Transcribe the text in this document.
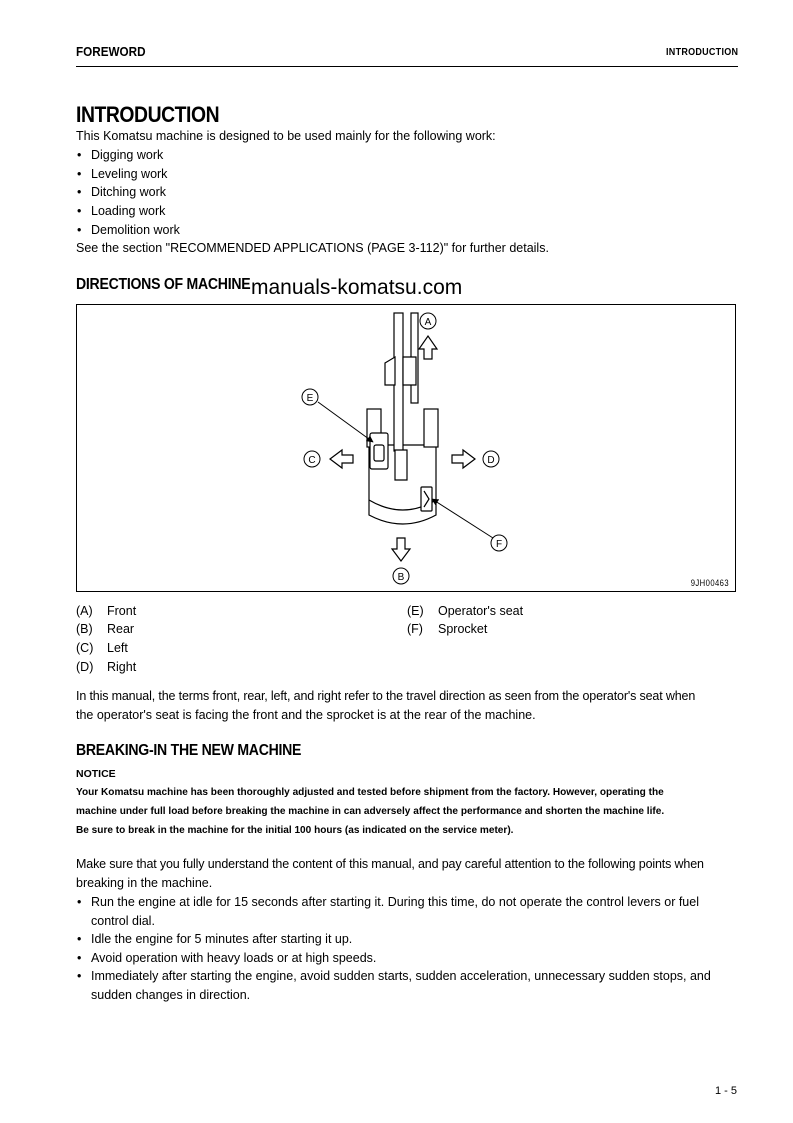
FOREWORD	INTRODUCTION
INTRODUCTION
This Komatsu machine is designed to be used mainly for the following work:
• Digging work
• Leveling work
• Ditching work
• Loading work
• Demolition work
See the section "RECOMMENDED APPLICATIONS (PAGE 3-112)" for further details.
DIRECTIONS OF MACHINE manuals-komatsu.com
A
B
C	D
E
F
9JH00463
(A) Front
(B) Rear
(C) Left
(D) Right
(E) Operator's seat
(F) Sprocket
In this manual, the terms front, rear, left, and right refer to the travel direction as seen from the operator's seat when
the operator's seat is facing the front and the sprocket is at the rear of the machine.
BREAKING-IN THE NEW MACHINE
NOTICE
Your Komatsu machine has been thoroughly adjusted and tested before shipment from the factory. However, operating the
machine under full load before breaking the machine in can adversely affect the performance and shorten the machine life.
Be sure to break in the machine for the initial 100 hours (as indicated on the service meter).
Make sure that you fully understand the content of this manual, and pay careful attention to the following points when
breaking in the machine.
• Run the engine at idle for 15 seconds after starting it. During this time, do not operate the control levers or fuel
control dial.
• Idle the engine for 5 minutes after starting it up.
• Avoid operation with heavy loads or at high speeds.
• Immediately after starting the engine, avoid sudden starts, sudden acceleration, unnecessary sudden stops, and
sudden changes in direction.
1 - 5
